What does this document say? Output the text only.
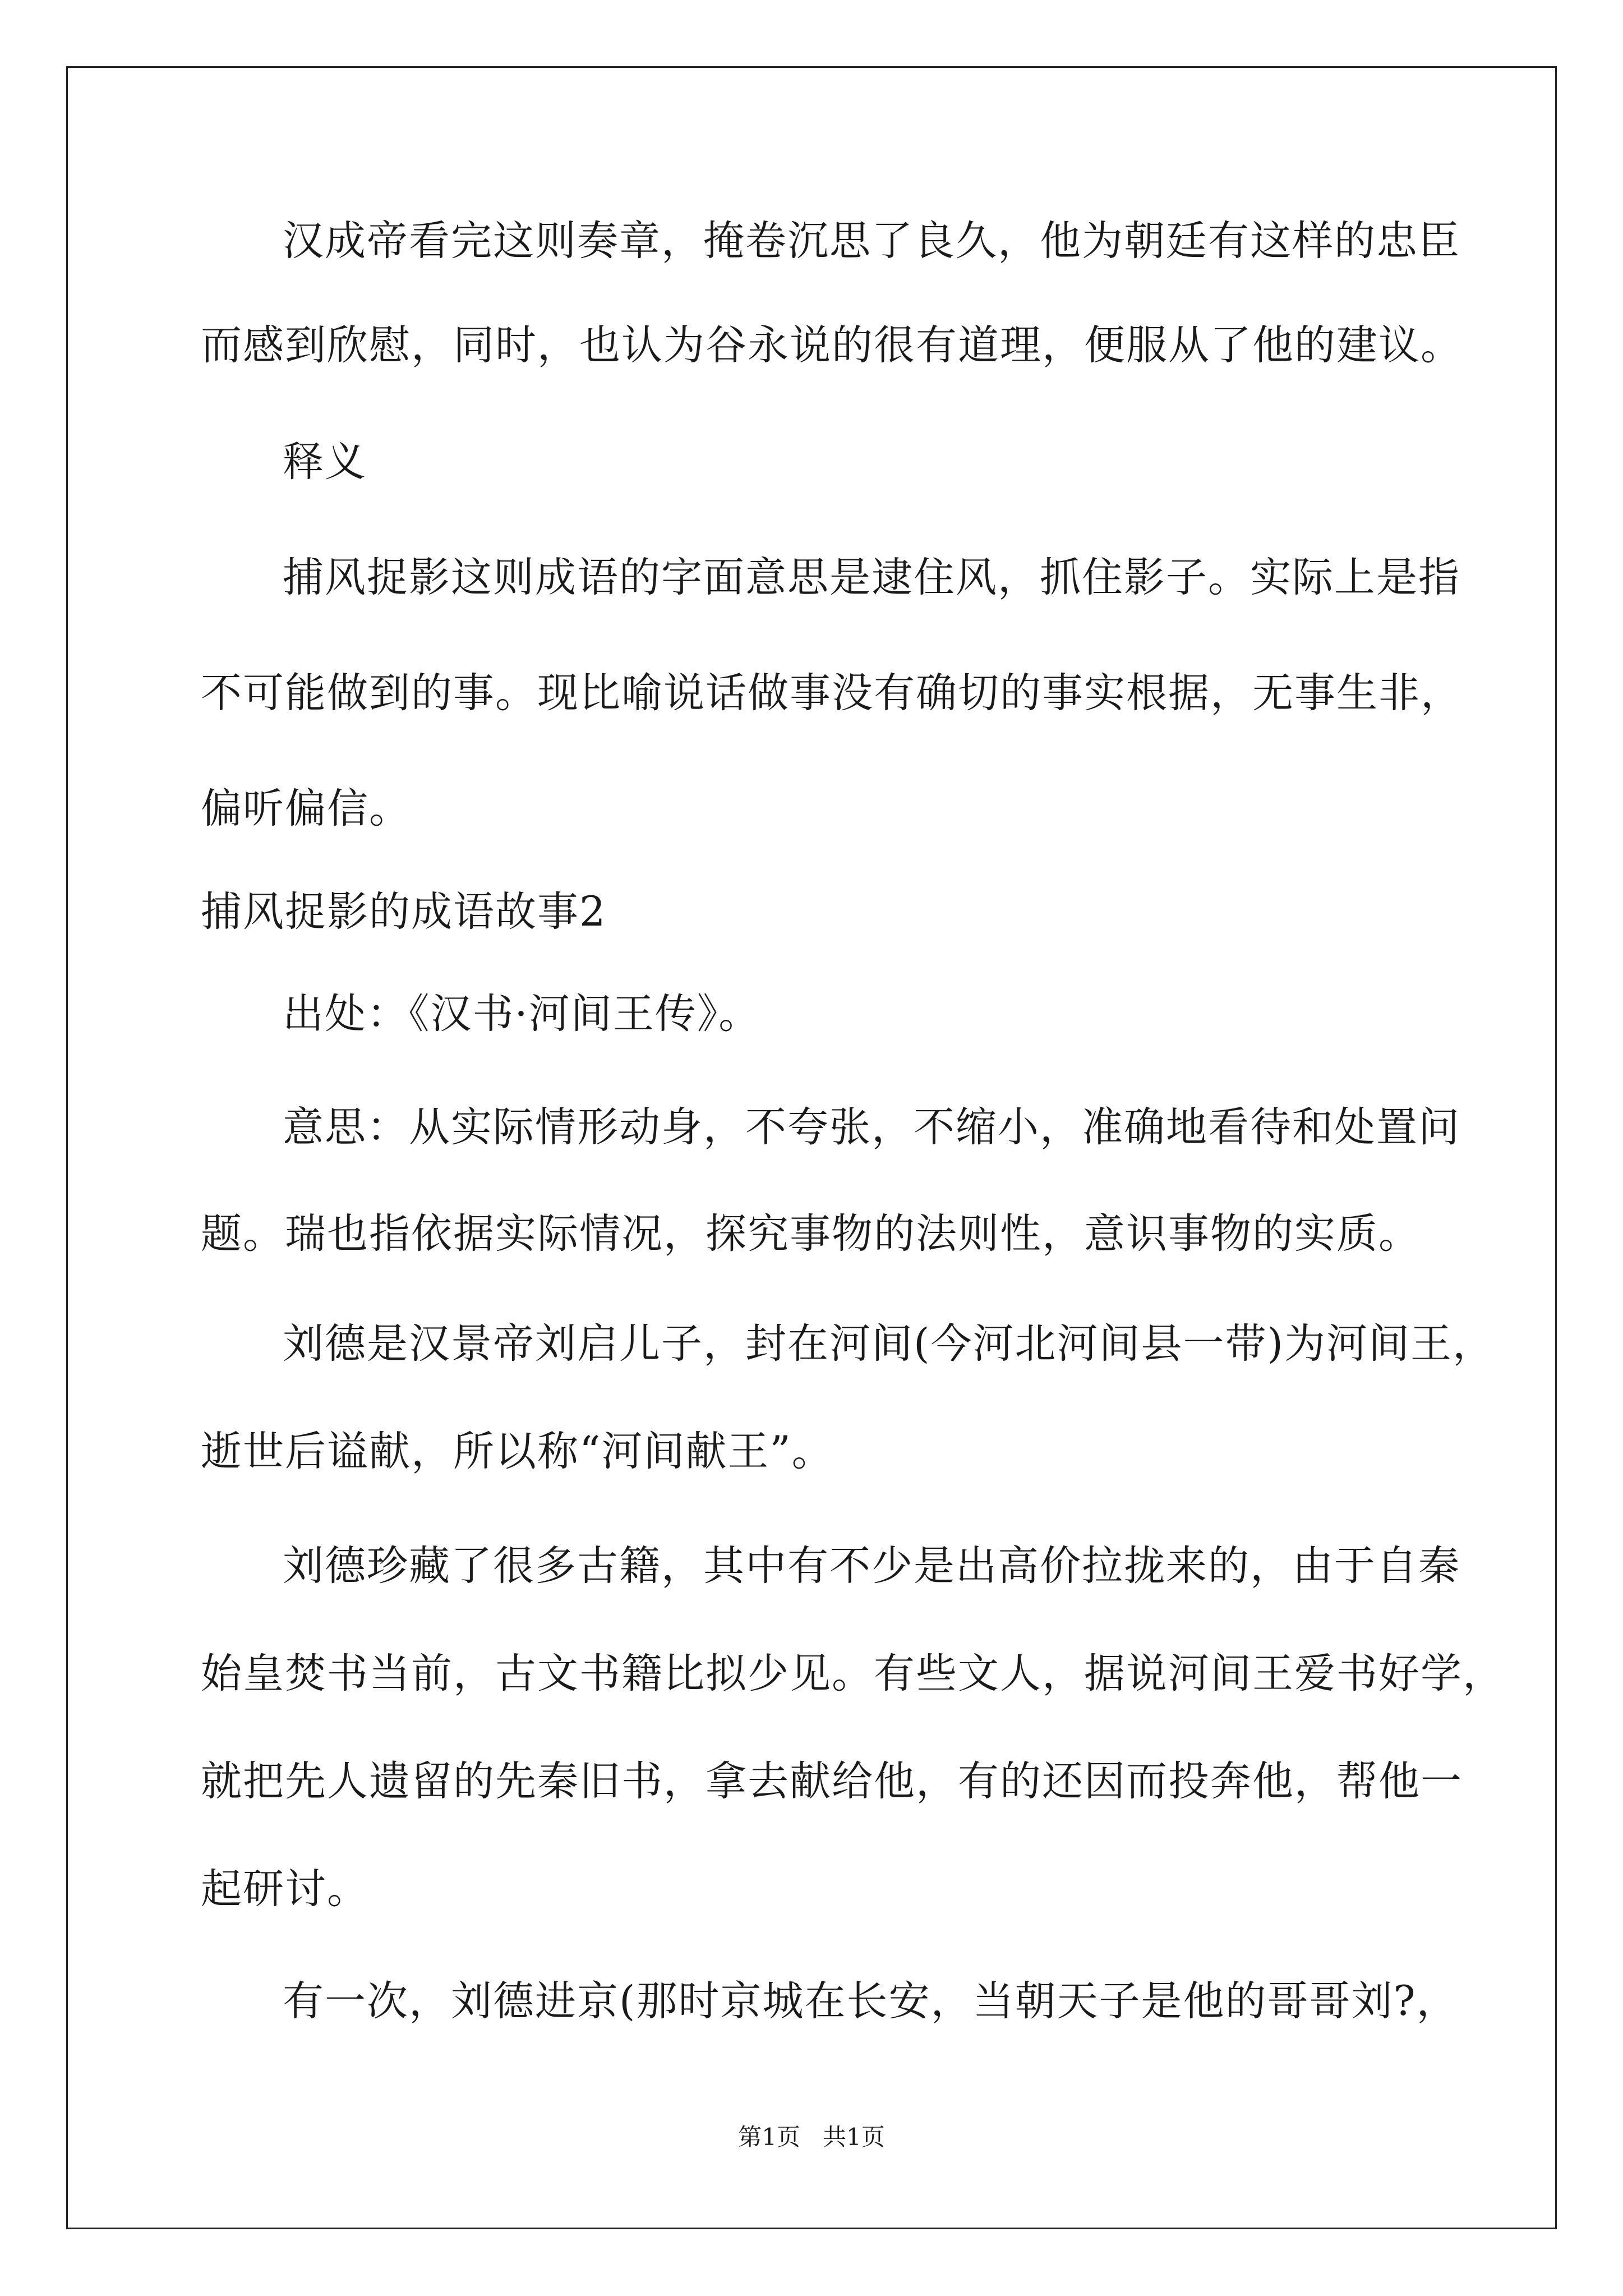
汉成帝看完这则奏章，掩卷沉思了良久，他为朝廷有这样的忠臣
而感到欣慰，同时，也认为谷永说的很有道理，便服从了他的建议。
释义
捕风捉影这则成语的字面意思是逮住风，抓住影子。实际上是指
不可能做到的事。现比喻说话做事没有确切的事实根据，无事生非，
偏听偏信。
捕风捉影的成语故事2
出处：《汉书·河间王传》。
意思：从实际情形动身，不夸张，不缩小，准确地看待和处置问
题。瑞也指依据实际情况，探究事物的法则性，意识事物的实质。
刘德是汉景帝刘启儿子，封在河间(今河北河间县一带)为河间王，
逝世后谥献，所以称“河间献王”。
刘德珍藏了很多古籍，其中有不少是出高价拉拢来的，由于自秦
始皇焚书当前，古文书籍比拟少见。有些文人，据说河间王爱书好学，
就把先人遗留的先秦旧书，拿去献给他，有的还因而投奔他，帮他一
起研讨。
有一次，刘德进京(那时京城在长安，当朝天子是他的哥哥刘?，
第1页   共1页
